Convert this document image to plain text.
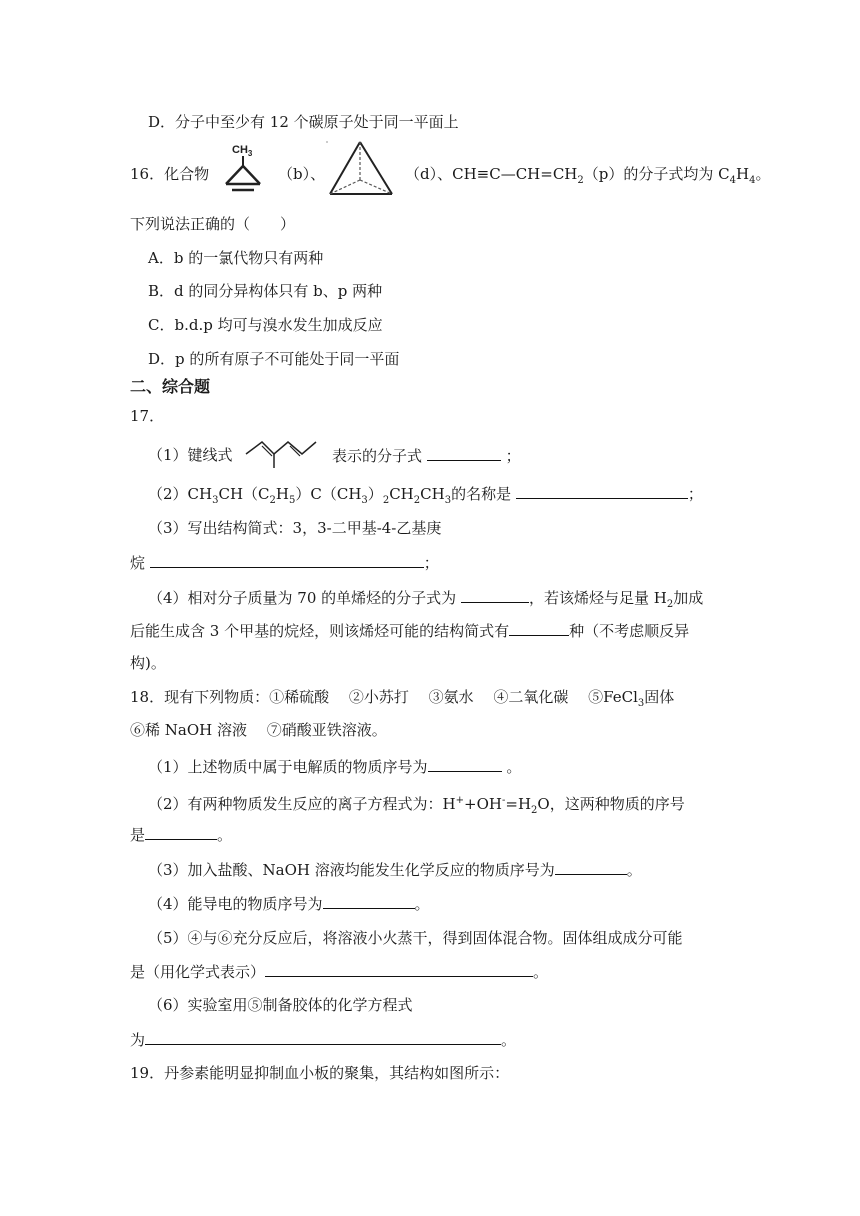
D．分子中至少有 12 个碳原子处于同一平面上
16．化合物
$CH_3$
（b）、	（d）、$CH\equiv C—CH=CH_2(p)$的分子式均为 $C_4H_4$。
下列说法正确的（　　）
A．b 的一氯代物只有两种
B．d 的同分异构体只有 b、p 两种
C．b.d.p 均可与溴水发生加成反应
D．p 的所有原子不可能处于同一平面
二、综合题
17．
（1）键线式	表示的分子式	；
$(2)CH_3CH(C_2H_5)C(CH_3)_2CH_2CH_3$的名称是	；
（3）写出结构简式：3，3-二甲基-4-乙基庚
烷	；
（4）相对分子质量为 70 的单烯烃的分子式为	，若该烯烃与足量 $H_2$加成
后能生成含 3 个甲基的烷烃，则该烯烃可能的结构简式有	种（不考虑顺反异
构)。
18．现有下列物质：①稀硫酸　 ②小苏打　 ③氨水　 ④二氧化碳　 ⑤FeCl$_3$固体
⑥稀 NaOH 溶液　 ⑦硝酸亚铁溶液。
（1）上述物质中属于电解质的物质序号为	。
（2）有两种物质发生反应的离子方程式为：$H^++OH^-=H_2O$，这两种物质的序号
是	。
（3）加入盐酸、NaOH 溶液均能发生化学反应的物质序号为	。
（4）能导电的物质序号为	。
（5）④与⑥充分反应后，将溶液小火蒸干，得到固体混合物。固体组成成分可能
是（用化学式表示）	。
（6）实验室用⑤制备胶体的化学方程式
为	。
19．丹参素能明显抑制血小板的聚集，其结构如图所示：
